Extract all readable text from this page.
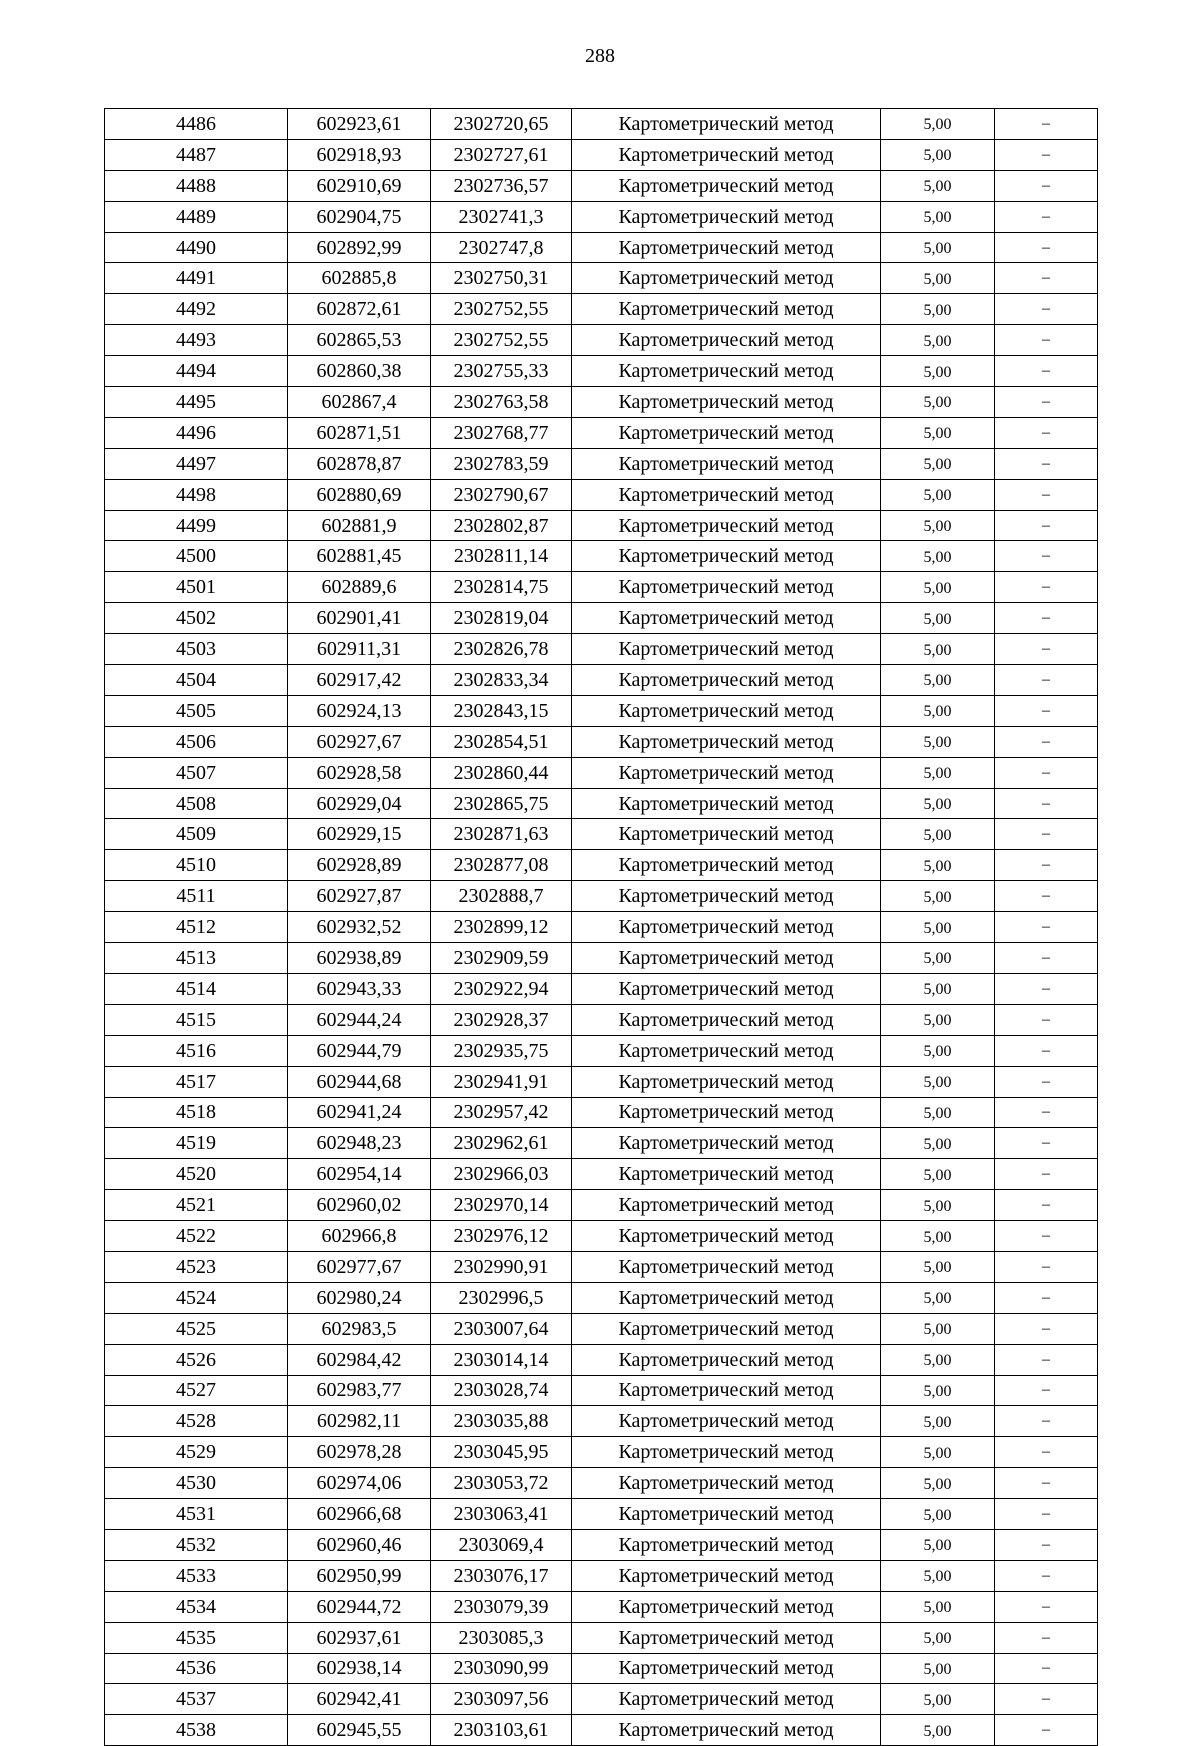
288
4486	602923,61	2302720,65	Картометрический метод	5,00	–
4487	602918,93	2302727,61	Картометрический метод	5,00	–
4488	602910,69	2302736,57	Картометрический метод	5,00	–
4489	602904,75	2302741,3	Картометрический метод	5,00	–
4490	602892,99	2302747,8	Картометрический метод	5,00	–
4491	602885,8	2302750,31	Картометрический метод	5,00	–
4492	602872,61	2302752,55	Картометрический метод	5,00	–
4493	602865,53	2302752,55	Картометрический метод	5,00	–
4494	602860,38	2302755,33	Картометрический метод	5,00	–
4495	602867,4	2302763,58	Картометрический метод	5,00	–
4496	602871,51	2302768,77	Картометрический метод	5,00	–
4497	602878,87	2302783,59	Картометрический метод	5,00	–
4498	602880,69	2302790,67	Картометрический метод	5,00	–
4499	602881,9	2302802,87	Картометрический метод	5,00	–
4500	602881,45	2302811,14	Картометрический метод	5,00	–
4501	602889,6	2302814,75	Картометрический метод	5,00	–
4502	602901,41	2302819,04	Картометрический метод	5,00	–
4503	602911,31	2302826,78	Картометрический метод	5,00	–
4504	602917,42	2302833,34	Картометрический метод	5,00	–
4505	602924,13	2302843,15	Картометрический метод	5,00	–
4506	602927,67	2302854,51	Картометрический метод	5,00	–
4507	602928,58	2302860,44	Картометрический метод	5,00	–
4508	602929,04	2302865,75	Картометрический метод	5,00	–
4509	602929,15	2302871,63	Картометрический метод	5,00	–
4510	602928,89	2302877,08	Картометрический метод	5,00	–
4511	602927,87	2302888,7	Картометрический метод	5,00	–
4512	602932,52	2302899,12	Картометрический метод	5,00	–
4513	602938,89	2302909,59	Картометрический метод	5,00	–
4514	602943,33	2302922,94	Картометрический метод	5,00	–
4515	602944,24	2302928,37	Картометрический метод	5,00	–
4516	602944,79	2302935,75	Картометрический метод	5,00	–
4517	602944,68	2302941,91	Картометрический метод	5,00	–
4518	602941,24	2302957,42	Картометрический метод	5,00	–
4519	602948,23	2302962,61	Картометрический метод	5,00	–
4520	602954,14	2302966,03	Картометрический метод	5,00	–
4521	602960,02	2302970,14	Картометрический метод	5,00	–
4522	602966,8	2302976,12	Картометрический метод	5,00	–
4523	602977,67	2302990,91	Картометрический метод	5,00	–
4524	602980,24	2302996,5	Картометрический метод	5,00	–
4525	602983,5	2303007,64	Картометрический метод	5,00	–
4526	602984,42	2303014,14	Картометрический метод	5,00	–
4527	602983,77	2303028,74	Картометрический метод	5,00	–
4528	602982,11	2303035,88	Картометрический метод	5,00	–
4529	602978,28	2303045,95	Картометрический метод	5,00	–
4530	602974,06	2303053,72	Картометрический метод	5,00	–
4531	602966,68	2303063,41	Картометрический метод	5,00	–
4532	602960,46	2303069,4	Картометрический метод	5,00	–
4533	602950,99	2303076,17	Картометрический метод	5,00	–
4534	602944,72	2303079,39	Картометрический метод	5,00	–
4535	602937,61	2303085,3	Картометрический метод	5,00	–
4536	602938,14	2303090,99	Картометрический метод	5,00	–
4537	602942,41	2303097,56	Картометрический метод	5,00	–
4538	602945,55	2303103,61	Картометрический метод	5,00	–
